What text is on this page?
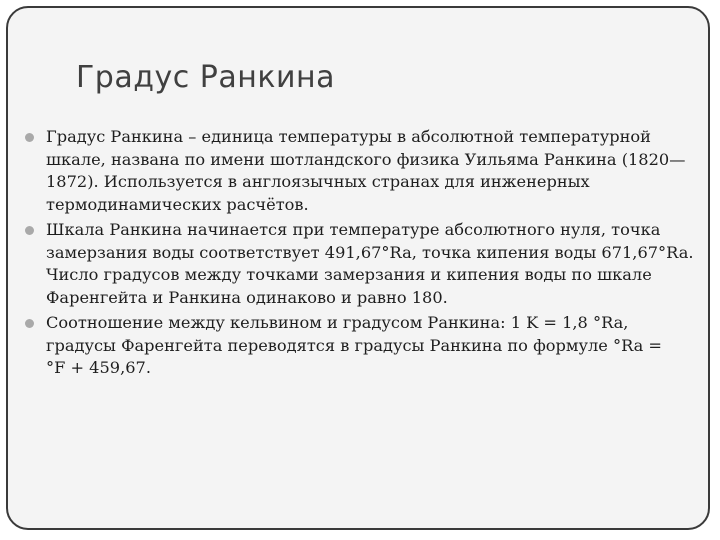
Градус Ранкина
Градус Ранкина – единица температуры в абсолютной температурной шкале, названа по имени шотландского физика Уильяма Ранкина (1820—1872). Используется в англоязычных странах для инженерных термодинамических расчётов.
Шкала Ранкина начинается при температуре абсолютного нуля, точка замерзания воды соответствует 491,67°Ra, точка кипения воды 671,67°Ra. Число градусов между точками замерзания и кипения воды по шкале Фаренгейта и Ранкина одинаково и равно 180.
Соотношение между кельвином и градусом Ранкина: 1 K = 1,8 °Ra, градусы Фаренгейта переводятся в градусы Ранкина по формуле °Ra = °F + 459,67.
